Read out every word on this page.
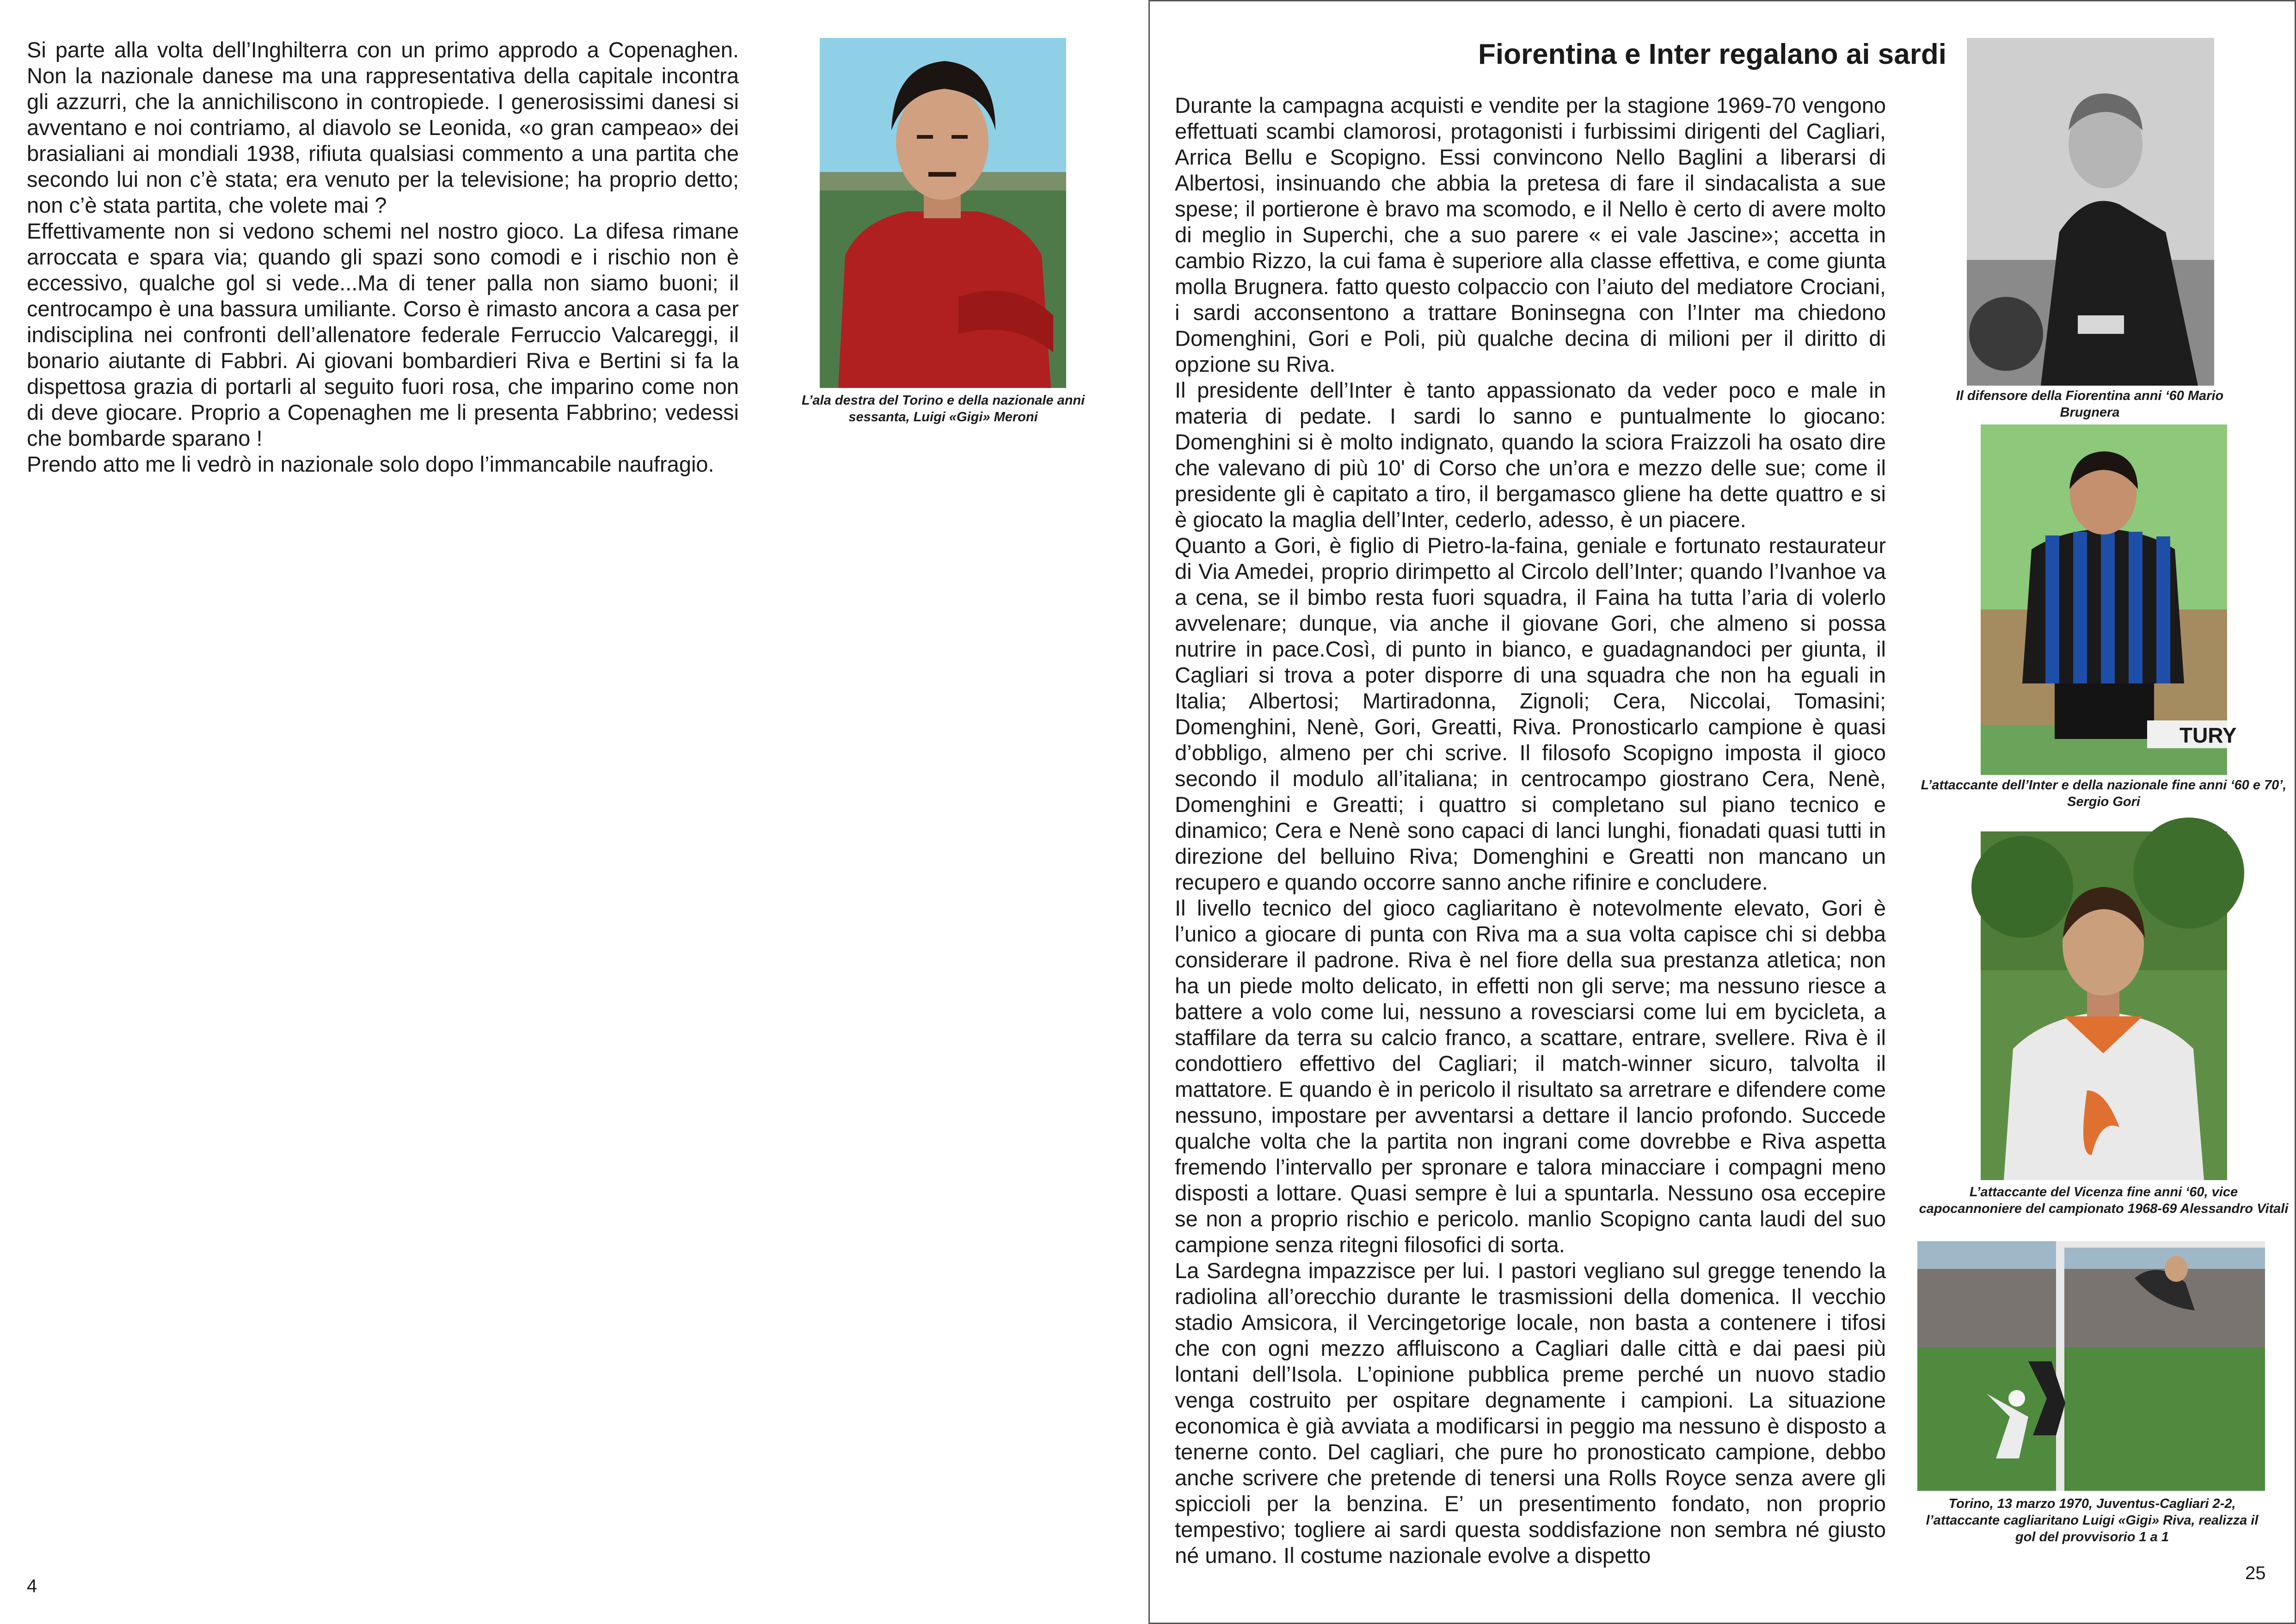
Si parte alla volta dell’Inghilterra con un primo approdo a Copenaghen. Non la nazionale danese ma una rappresentativa della capitale incontra gli azzurri, che la annichiliscono in contropiede. I generosissimi danesi si avventano e noi contriamo, al diavolo se Leonida, «o gran campeao» dei brasialiani ai mondiali 1938, rifiuta qualsiasi commento a una partita che secondo lui non c’è stata; era venuto per la televisione; ha proprio detto; non c’è stata partita, che volete mai ?

Effettivamente non si vedono schemi nel nostro gioco. La difesa rimane arroccata e spara via; quando gli spazi sono comodi e i rischio non è eccessivo, qualche gol si vede...Ma di tener palla non siamo buoni; il centrocampo è una bassura umiliante. Corso è rimasto ancora a casa per indisciplina nei confronti dell’allenatore federale Ferruccio Valcareggi, il bonario aiutante di Fabbri. Ai giovani bombardieri Riva e Bertini si fa la dispettosa grazia di portarli al seguito fuori rosa, che imparino come non di deve giocare. Proprio a Copenaghen me li presenta Fabbrino; vedessi che bombarde sparano !

Prendo atto me li vedrò in nazionale solo dopo l’immancabile naufragio.

L’ala destra del Torino e della nazionale anni sessanta, Luigi «Gigi» Meroni
4
Fiorentina e Inter regalano ai sardi

Durante la campagna acquisti e vendite per la stagione 1969-70 vengono effettuati scambi clamorosi, protagonisti i furbissimi dirigenti del Cagliari, Arrica Bellu e Scopigno. Essi convincono Nello Baglini a liberarsi di Albertosi, insinuando che abbia la pretesa di fare il sindacalista a sue spese; il portierone è bravo ma scomodo, e il Nello è certo di avere molto di meglio in Superchi, che a suo parere « ei vale Jascine»; accetta in cambio Rizzo, la cui fama è superiore alla classe effettiva, e come giunta molla Brugnera. fatto questo colpaccio con l’aiuto del mediatore Crociani, i sardi acconsentono a trattare Boninsegna con l’Inter ma chiedono Domenghini, Gori e Poli, più qualche decina di milioni per il diritto di opzione su Riva.

Il presidente dell’Inter è tanto appassionato da veder poco e male in materia di pedate. I sardi lo sanno e puntualmente lo giocano: Domenghini si è molto indignato, quando la sciora Fraizzoli ha osato dire che valevano di più 10' di Corso che un’ora e mezzo delle sue; come il presidente gli è capitato a tiro, il bergamasco gliene ha dette quattro e si è giocato la maglia dell’Inter, cederlo, adesso, è un piacere.

Quanto a Gori, è figlio di Pietro-la-faina, geniale e fortunato restaurateur di Via Amedei, proprio dirimpetto al Circolo dell’Inter; quando l’Ivanhoe va a cena, se il bimbo resta fuori squadra, il Faina ha tutta l’aria di volerlo avvelenare; dunque, via anche il giovane Gori, che almeno si possa nutrire in pace.Così, di punto in bianco, e guadagnandoci per giunta, il Cagliari si trova a poter disporre di una squadra che non ha eguali in Italia; Albertosi; Martiradonna, Zignoli; Cera, Niccolai, Tomasini; Domenghini, Nenè, Gori, Greatti, Riva. Pronosticarlo campione è quasi d’obbligo, almeno per chi scrive. Il filosofo Scopigno imposta il gioco secondo il modulo all’italiana; in centrocampo giostrano Cera, Nenè, Domenghini e Greatti; i quattro si completano sul piano tecnico e dinamico; Cera e Nenè sono capaci di lanci lunghi, fionadati quasi tutti in direzione del belluino Riva; Domenghini e Greatti non mancano un recupero e quando occorre sanno anche rifinire e concludere.

Il livello tecnico del gioco cagliaritano è notevolmente elevato, Gori è l’unico a giocare di punta con Riva ma a sua volta capisce chi si debba considerare il padrone. Riva è nel fiore della sua prestanza atletica; non ha un piede molto delicato, in effetti non gli serve; ma nessuno riesce a battere a volo come lui, nessuno a rovesciarsi come lui em bycicleta, a staffilare da terra su calcio franco, a scattare, entrare, svellere. Riva è il condottiero effettivo del Cagliari; il match-winner sicuro, talvolta il mattatore. E quando è in pericolo il risultato sa arretrare e difendere come nessuno, impostare per avventarsi a dettare il lancio profondo. Succede qualche volta che la partita non ingrani come dovrebbe e Riva aspetta fremendo l’intervallo per spronare e talora minacciare i compagni meno disposti a lottare. Quasi sempre è lui a spuntarla. Nessuno osa eccepire se non a proprio rischio e pericolo. manlio Scopigno canta laudi del suo campione senza ritegni filosofici di sorta.

La Sardegna impazzisce per lui. I pastori vegliano sul gregge tenendo la radiolina all’orecchio durante le trasmissioni della domenica. Il vecchio stadio Amsicora, il Vercingetorige locale, non basta a contenere i tifosi che con ogni mezzo affluiscono a Cagliari dalle città e dai paesi più lontani dell’Isola. L’opinione pubblica preme perché un nuovo stadio venga costruito per ospitare degnamente i campioni. La situazione economica è già avviata a modificarsi in peggio ma nessuno è disposto a tenerne conto. Del cagliari, che pure ho pronosticato campione, debbo anche scrivere che pretende di tenersi una Rolls Royce senza avere gli spiccioli per la benzina. E’ un presentimento fondato, non proprio tempestivo; togliere ai sardi questa soddisfazione non sembra né giusto né umano. Il costume nazionale evolve a dispetto

Il difensore della Fiorentina anni ‘60 Mario Brugnera
TURY
L’attaccante dell’Inter e della nazionale fine anni ‘60 e 70’, Sergio Gori
L’attaccante del Vicenza fine anni ‘60, vice capocannoniere del campionato 1968-69 Alessandro Vitali
Torino, 13 marzo 1970, Juventus-Cagliari 2-2, l’attaccante cagliaritano Luigi «Gigi» Riva, realizza il gol del provvisorio 1 a 1
25
